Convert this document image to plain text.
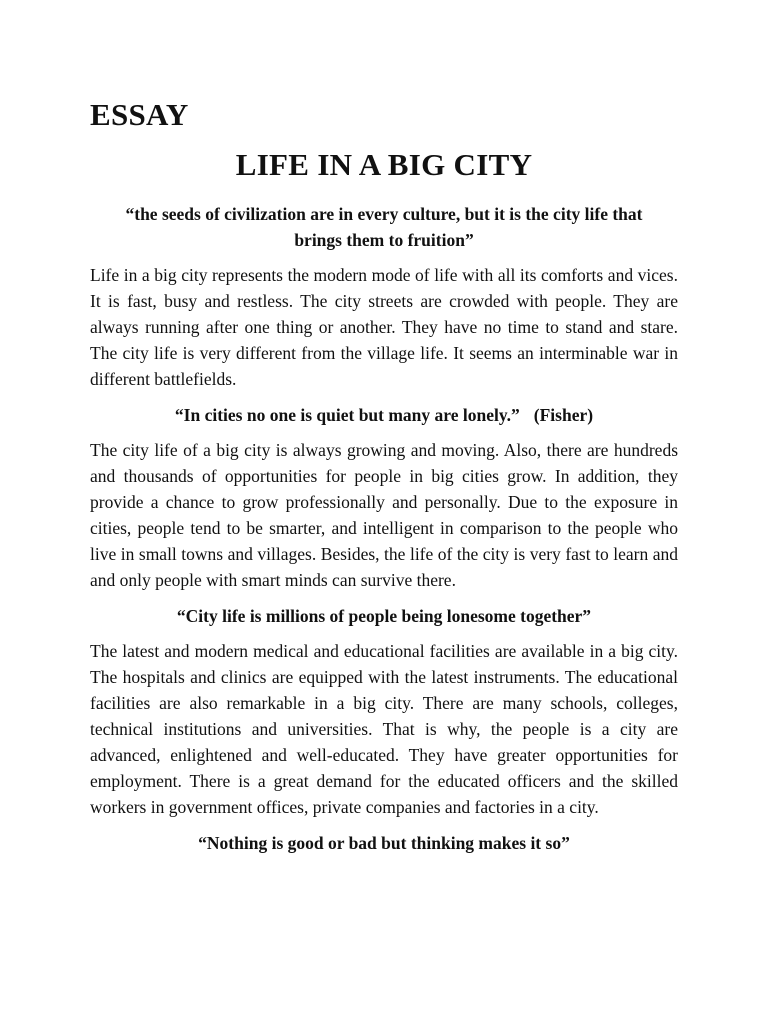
ESSAY
LIFE IN A BIG CITY

“the seeds of civilization are in every culture, but it is the city life that brings them to fruition”

Life in a big city represents the modern mode of life with all its comforts and vices. It is fast, busy and restless. The city streets are crowded with people. They are always running after one thing or another. They have no time to stand and stare. The city life is very different from the village life. It seems an interminable war in different battlefields.

“In cities no one is quiet but many are lonely.” (Fisher)

The city life of a big city is always growing and moving. Also, there are hundreds and thousands of opportunities for people in big cities grow. In addition, they provide a chance to grow professionally and personally. Due to the exposure in cities, people tend to be smarter, and intelligent in comparison to the people who live in small towns and villages. Besides, the life of the city is very fast to learn and and only people with smart minds can survive there.

“City life is millions of people being lonesome together”

The latest and modern medical and educational facilities are available in a big city. The hospitals and clinics are equipped with the latest instruments. The educational facilities are also remarkable in a big city. There are many schools, colleges, technical institutions and universities. That is why, the people is a city are advanced, enlightened and well-educated. They have greater opportunities for employment. There is a great demand for the educated officers and the skilled workers in government offices, private companies and factories in a city.

“Nothing is good or bad but thinking makes it so”
